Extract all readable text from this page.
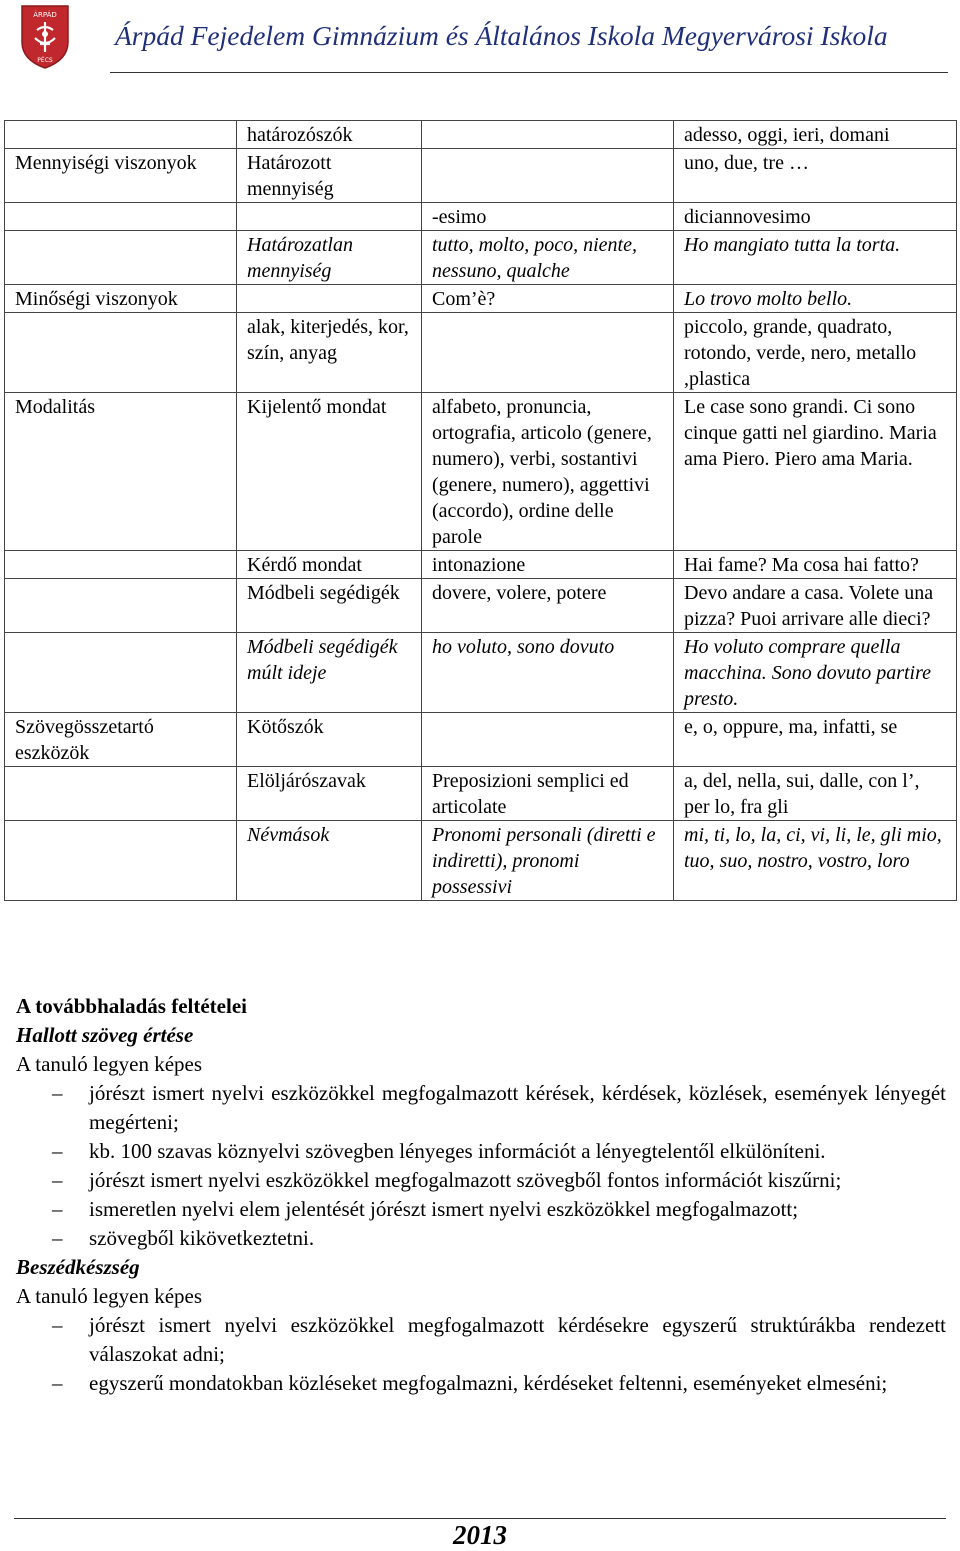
ÁRPÁD
PÉCS
Árpád Fejedelem Gimnázium és Általános Iskola Megyervárosi Iskola
	határozószók		adesso, oggi, ieri, domani
Mennyiségi viszonyok	Határozott mennyiség		uno, due, tre …
		-esimo	diciannovesimo
	Határozatlan mennyiség	tutto, molto, poco, niente, nessuno, qualche	Ho mangiato tutta la torta.
Minőségi viszonyok		Com’è?	Lo trovo molto bello.
	alak, kiterjedés, kor, szín, anyag		piccolo, grande, quadrato, rotondo, verde, nero, metallo ,plastica
Modalitás	Kijelentő mondat	alfabeto, pronuncia, ortografia, articolo (genere, numero), verbi, sostantivi (genere, numero), aggettivi (accordo), ordine delle parole	Le case sono grandi. Ci sono cinque gatti nel giardino. Maria ama Piero. Piero ama Maria.
	Kérdő mondat	intonazione	Hai fame? Ma cosa hai fatto?
	Módbeli segédigék	dovere, volere, potere	Devo andare a casa. Volete una pizza? Puoi arrivare alle dieci?
	Módbeli segédigék múlt ideje	ho voluto, sono dovuto	Ho voluto comprare quella macchina. Sono dovuto partire presto.
Szövegösszetartó eszközök	Kötőszók		e, o, oppure, ma, infatti, se
	Elöljárószavak	Preposizioni semplici ed articolate	a, del, nella, sui, dalle, con l’, per lo, fra gli
	Névmások	Pronomi personali (diretti e indiretti), pronomi possessivi	mi, ti, lo, la, ci, vi, li, le, gli mio, tuo, suo, nostro, vostro, loro

A továbbhaladás feltételei

Hallott szöveg értése

A tanuló legyen képes

– jórészt ismert nyelvi eszközökkel megfogalmazott kérések, kérdések, közlések, események lényegét megérteni;
– kb. 100 szavas köznyelvi szövegben lényeges információt a lényegtelentől elkülöníteni.
– jórészt ismert nyelvi eszközökkel megfogalmazott szövegből fontos információt kiszűrni;
– ismeretlen nyelvi elem jelentését jórészt ismert nyelvi eszközökkel megfogalmazott;
– szövegből kikövetkeztetni.

Beszédkészség

A tanuló legyen képes

– jórészt ismert nyelvi eszközökkel megfogalmazott kérdésekre egyszerű struktúrákba rendezett válaszokat adni;
– egyszerű mondatokban közléseket megfogalmazni, kérdéseket feltenni, eseményeket elmeséni;
2013
